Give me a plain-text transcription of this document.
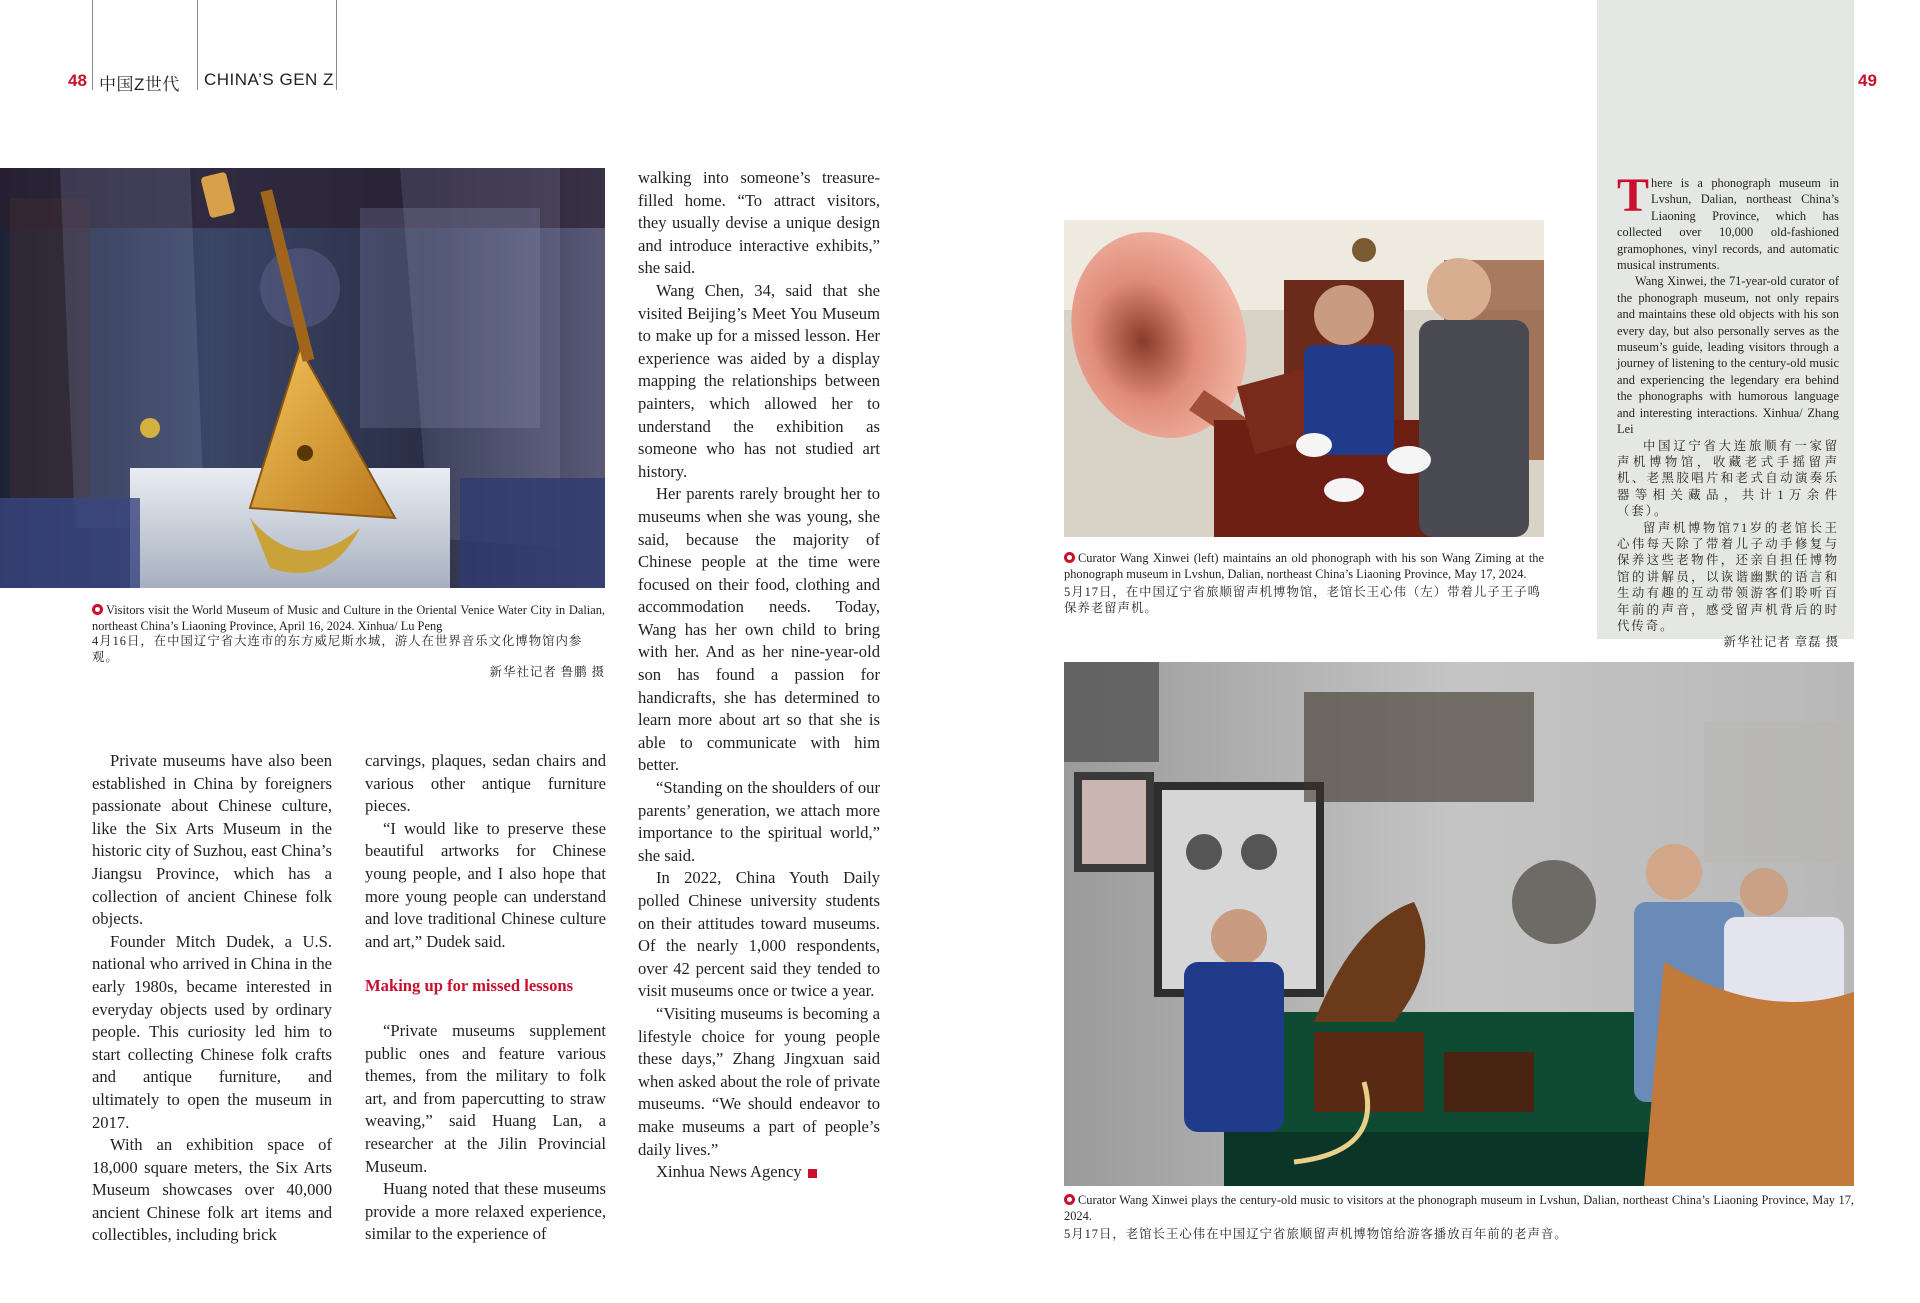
48 中国Z世代 CHINA’S GEN Z	49
Visitors visit the World Museum of Music and Culture in the Oriental Venice Water City in Dalian, northeast China’s Liaoning Province, April 16, 2024. Xinhua/ Lu Peng
4月16日，在中国辽宁省大连市的东方威尼斯水城，游人在世界音乐文化博物馆内参观。
新华社记者 鲁鹏 摄

walking into someone’s treasure-filled home. “To attract visitors, they usually devise a unique design and introduce interactive exhibits,” she said.

Wang Chen, 34, said that she visited Beijing’s Meet You Museum to make up for a missed lesson. Her experience was aided by a display mapping the relationships between painters, which allowed her to understand the exhibition as someone who has not studied art history.

Her parents rarely brought her to museums when she was young, she said, because the majority of Chinese people at the time were focused on their food, clothing and accommodation needs. Today, Wang has her own child to bring with her. And as her nine-year-old son has found a passion for handicrafts, she has determined to learn more about art so that she is able to communicate with him better.

“Standing on the shoulders of our parents’ generation, we attach more importance to the spiritual world,” she said.

In 2022, China Youth Daily polled Chinese university students on their attitudes toward museums. Of the nearly 1,000 respondents, over 42 percent said they tended to visit museums once or twice a year.

“Visiting museums is becoming a lifestyle choice for young people these days,” Zhang Jingxuan said when asked about the role of private museums. “We should endeavor to make museums a part of people’s daily lives.”

Xinhua News Agency

Private museums have also been established in China by foreigners passionate about Chinese culture, like the Six Arts Museum in the historic city of Suzhou, east China’s Jiangsu Province, which has a collection of ancient Chinese folk objects.

Founder Mitch Dudek, a U.S. national who arrived in China in the early 1980s, became interested in everyday objects used by ordinary people. This curiosity led him to start collecting Chinese folk crafts and antique furniture, and ultimately to open the museum in 2017.

With an exhibition space of 18,000 square meters, the Six Arts Museum showcases over 40,000 ancient Chinese folk art items and collectibles, including brick

carvings, plaques, sedan chairs and various other antique furniture pieces.

“I would like to preserve these beautiful artworks for Chinese young people, and I also hope that more young people can understand and love traditional Chinese culture and art,” Dudek said.

Making up for missed lessons

“Private museums supplement public ones and feature various themes, from the military to folk art, and from papercutting to straw weaving,” said Huang Lan, a researcher at the Jilin Provincial Museum.

Huang noted that these museums provide a more relaxed experience, similar to the experience of

Curator Wang Xinwei (left) maintains an old phonograph with his son Wang Ziming at the phonograph museum in Lvshun, Dalian, northeast China’s Liaoning Province, May 17, 2024.
5月17日，在中国辽宁省旅顺留声机博物馆，老馆长王心伟（左）带着儿子王子鸣保养老留声机。

There is a phonograph museum in Lvshun, Dalian, northeast China’s Liaoning Province, which has collected over 10,000 old-fashioned gramophones, vinyl records, and automatic musical instruments.

Wang Xinwei, the 71-year-old curator of the phonograph museum, not only repairs and maintains these old objects with his son every day, but also personally serves as the museum’s guide, leading visitors through a journey of listening to the century-old music and experiencing the legendary era behind the phonographs with humorous language and interesting interactions. Xinhua/ Zhang Lei

中国辽宁省大连旅顺有一家留声机博物馆，收藏老式手摇留声机、老黑胶唱片和老式自动演奏乐器等相关藏品，共计1万余件（套）。

留声机博物馆71岁的老馆长王心伟每天除了带着儿子动手修复与保养这些老物件，还亲自担任博物馆的讲解员，以诙谐幽默的语言和生动有趣的互动带领游客们聆听百年前的声音，感受留声机背后的时代传奇。

新华社记者 章磊 摄

Curator Wang Xinwei plays the century-old music to visitors at the phonograph museum in Lvshun, Dalian, northeast China’s Liaoning Province, May 17, 2024.
5月17日，老馆长王心伟在中国辽宁省旅顺留声机博物馆给游客播放百年前的老声音。
